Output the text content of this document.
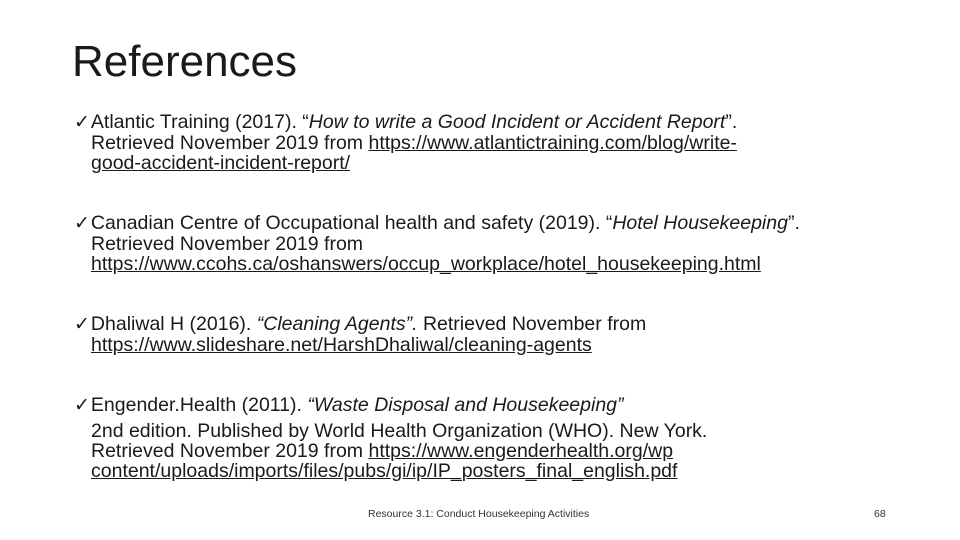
References
✓Atlantic Training (2017). “How to write a Good Incident or Accident Report”.
Retrieved November 2019 from https://www.atlantictraining.com/blog/write-
good-accident-incident-report/
✓Canadian Centre of Occupational health and safety (2019). “Hotel Housekeeping”.
Retrieved November 2019 from
https://www.ccohs.ca/oshanswers/occup_workplace/hotel_housekeeping.html
✓Dhaliwal H (2016). “Cleaning Agents”. Retrieved November from
https://www.slideshare.net/HarshDhaliwal/cleaning-agents
✓Engender.Health (2011). “Waste Disposal and Housekeeping”
2nd edition. Published by World Health Organization (WHO). New York.
Retrieved November 2019 from https://www.engenderhealth.org/wp
content/uploads/imports/files/pubs/gi/ip/IP_posters_final_english.pdf
Resource 3.1: Conduct Housekeeping Activities	68
